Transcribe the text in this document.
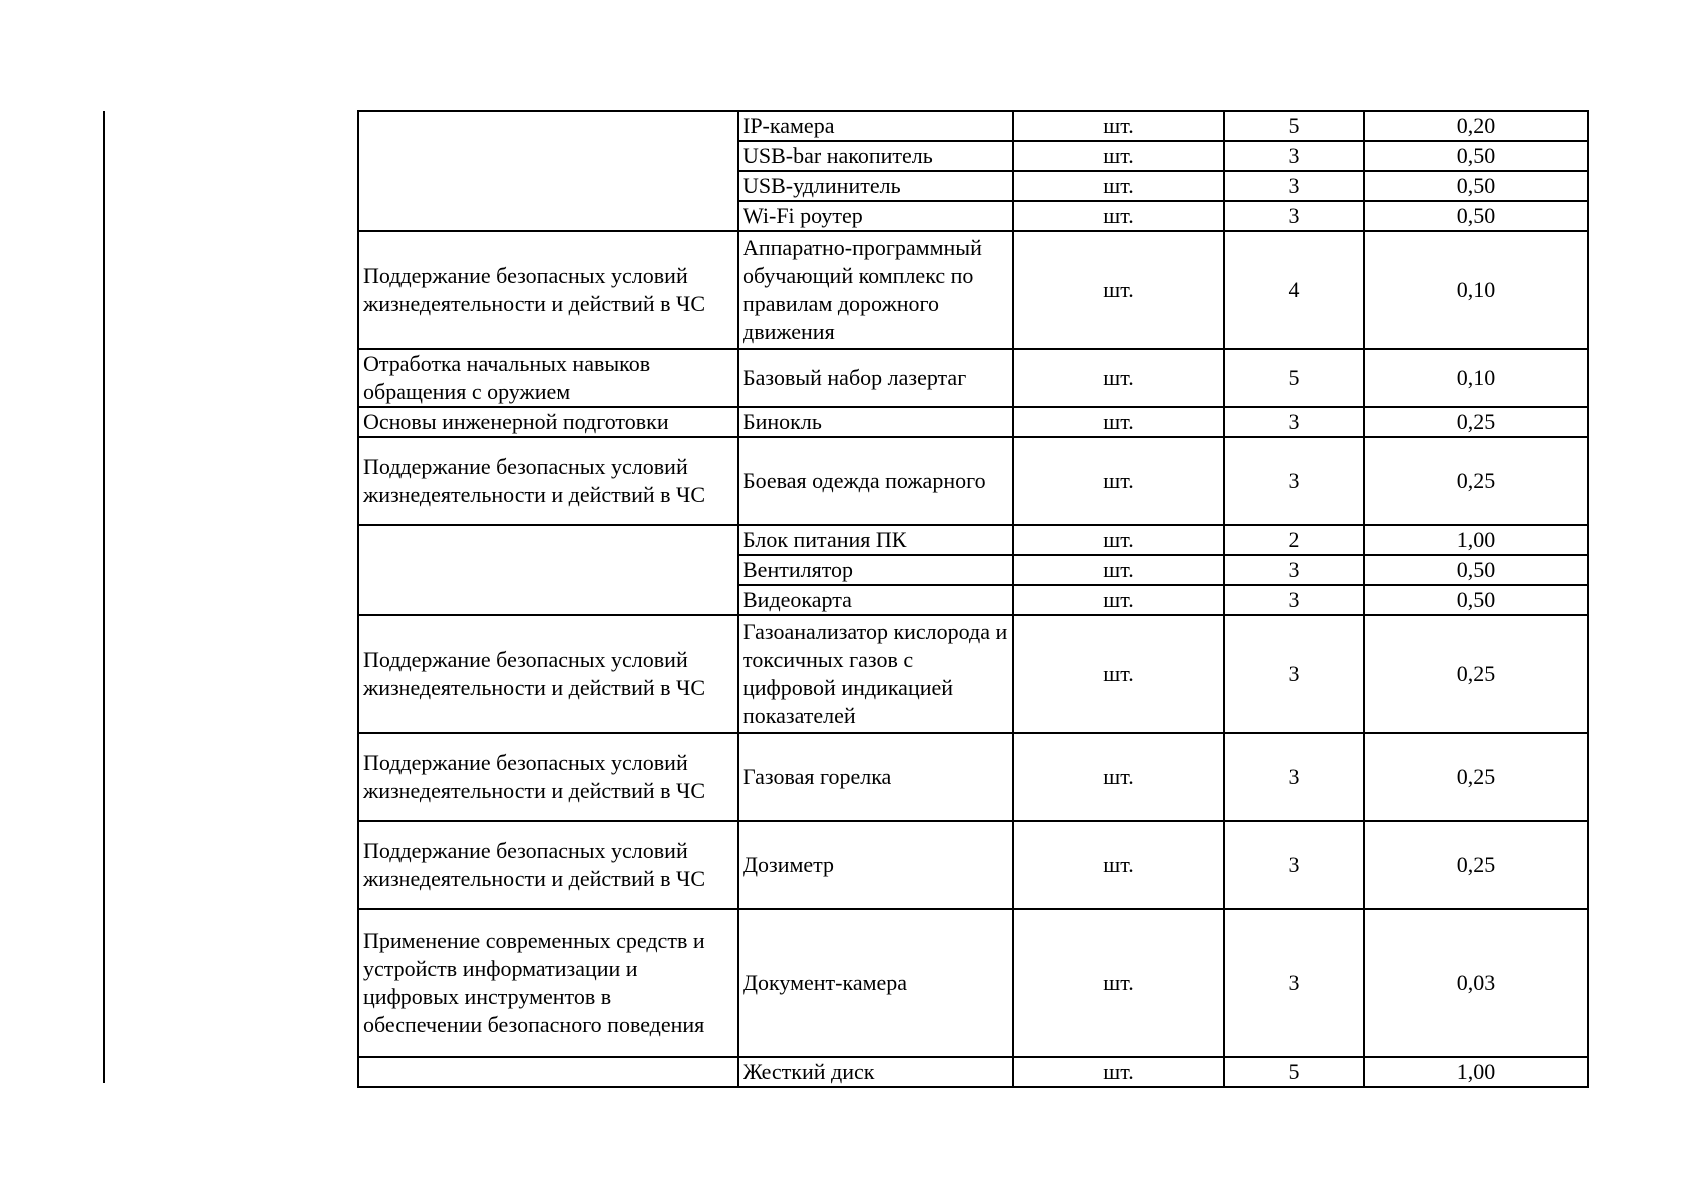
	IP-камера	шт.	5	0,20
	USB-bar накопитель	шт.	3	0,50
	USB-удлинитель	шт.	3	0,50
	Wi-Fi роутер	шт.	3	0,50
Поддержание безопасных условий жизнедеятельности и действий в ЧС	Аппаратно-программный обучающий комплекс по правилам дорожного движения	шт.	4	0,10
Отработка начальных навыков обращения с оружием	Базовый набор лазертаг	шт.	5	0,10
Основы инженерной подготовки	Бинокль	шт.	3	0,25
Поддержание безопасных условий жизнедеятельности и действий в ЧС	Боевая одежда пожарного	шт.	3	0,25
	Блок питания ПК	шт.	2	1,00
	Вентилятор	шт.	3	0,50
	Видеокарта	шт.	3	0,50
Поддержание безопасных условий жизнедеятельности и действий в ЧС	Газоанализатор кислорода и токсичных газов с цифровой индикацией показателей	шт.	3	0,25
Поддержание безопасных условий жизнедеятельности и действий в ЧС	Газовая горелка	шт.	3	0,25
Поддержание безопасных условий жизнедеятельности и действий в ЧС	Дозиметр	шт.	3	0,25
Применение современных средств и устройств информатизации и цифровых инструментов в обеспечении безопасного поведения	Документ-камера	шт.	3	0,03
	Жесткий диск	шт.	5	1,00
